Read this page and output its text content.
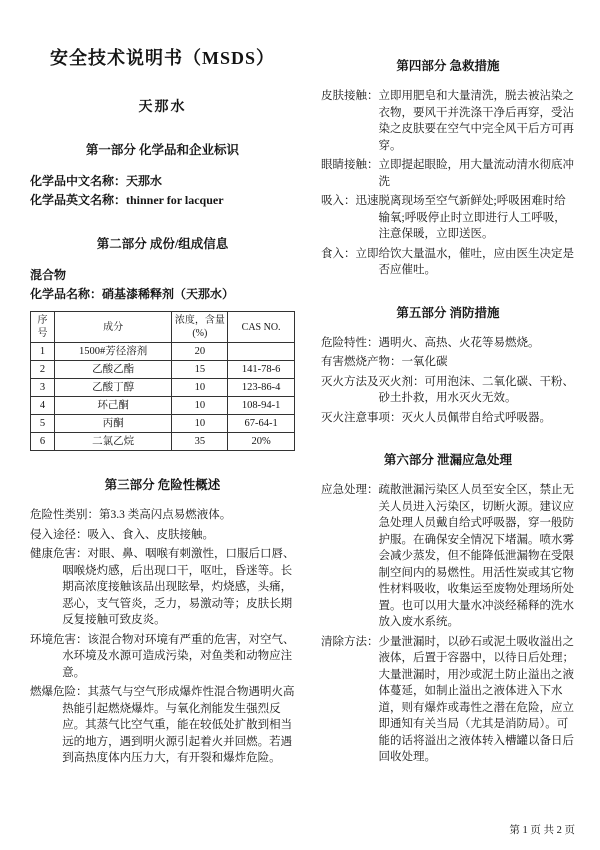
安全技术说明书（MSDS）
天那水
第一部分 化学品和企业标识

化学品中文名称：天那水

化学品英文名称：thinner for lacquer

第二部分 成份/组成信息

混合物

化学品名称：硝基漆稀释剂（天那水）

序号	成分	浓度，含量(%)	CAS NO.
1	1500#芳径溶剂	20	
2	乙酸乙酯	15	141-78-6
3	乙酸丁醇	10	123-86-4
4	环己酮	10	108-94-1
5	丙酮	10	67-64-1
6	二氯乙烷	35	20%
第三部分 危险性概述

危险性类别：第3.3 类高闪点易燃液体。

侵入途径：吸入、食入、皮肤接触。

健康危害：对眼、鼻、咽喉有刺激性，口服后口唇、咽喉烧灼感，后出现口干，呕吐，昏迷等。长期高浓度接触该品出现眩晕，灼烧感，头痛，恶心，支气管炎，乏力，易激动等；皮肤长期反复接触可致皮炎。

环境危害：该混合物对环境有严重的危害，对空气、水环境及水源可造成污染，对鱼类和动物应注意。

燃爆危险：其蒸气与空气形成爆炸性混合物遇明火高热能引起燃烧爆炸。与氧化剂能发生强烈反应。其蒸气比空气重，能在较低处扩散到相当远的地方，遇到明火源引起着火并回燃。若遇到高热度体内压力大，有开裂和爆炸危险。

第四部分 急救措施

皮肤接触：立即用肥皂和大量清洗，脱去被沾染之衣物，要风干并洗涤干净后再穿，受沾染之皮肤要在空气中完全风干后方可再穿。

眼睛接触：立即提起眼睑，用大量流动清水彻底冲洗

吸入：迅速脱离现场至空气新鲜处;呼吸困难时给输氧;呼吸停止时立即进行人工呼吸，注意保暖，立即送医。

食入：立即给饮大量温水，催吐，应由医生决定是否应催吐。

第五部分 消防措施

危险特性：遇明火、高热、火花等易燃烧。

有害燃烧产物：一氧化碳

灭火方法及灭火剂：可用泡沫、二氧化碳、干粉、砂土扑救，用水灭火无效。

灭火注意事项：灭火人员佩带自给式呼吸器。

第六部分 泄漏应急处理

应急处理：疏散泄漏污染区人员至安全区，禁止无关人员进入污染区，切断火源。建议应急处理人员戴自给式呼吸器，穿一般防护服。在确保安全情况下堵漏。喷水雾会减少蒸发，但不能降低泄漏物在受限制空间内的易燃性。用活性炭或其它物性材料吸收，收集运至废物处理场所处置。也可以用大量水冲淡经稀释的洗水放入废水系统。

清除方法：少量泄漏时，以砂石或泥土吸收溢出之液体，后置于容器中，以待日后处理；大量泄漏时，用沙或泥土防止溢出之液体蔓延，如制止溢出之液体进入下水道，则有爆炸或毒性之潜在危险，应立即通知有关当局（尤其是消防局）。可能的话将溢出之液体转入槽罐以备日后回收处理。

第 1 页 共 2 页
